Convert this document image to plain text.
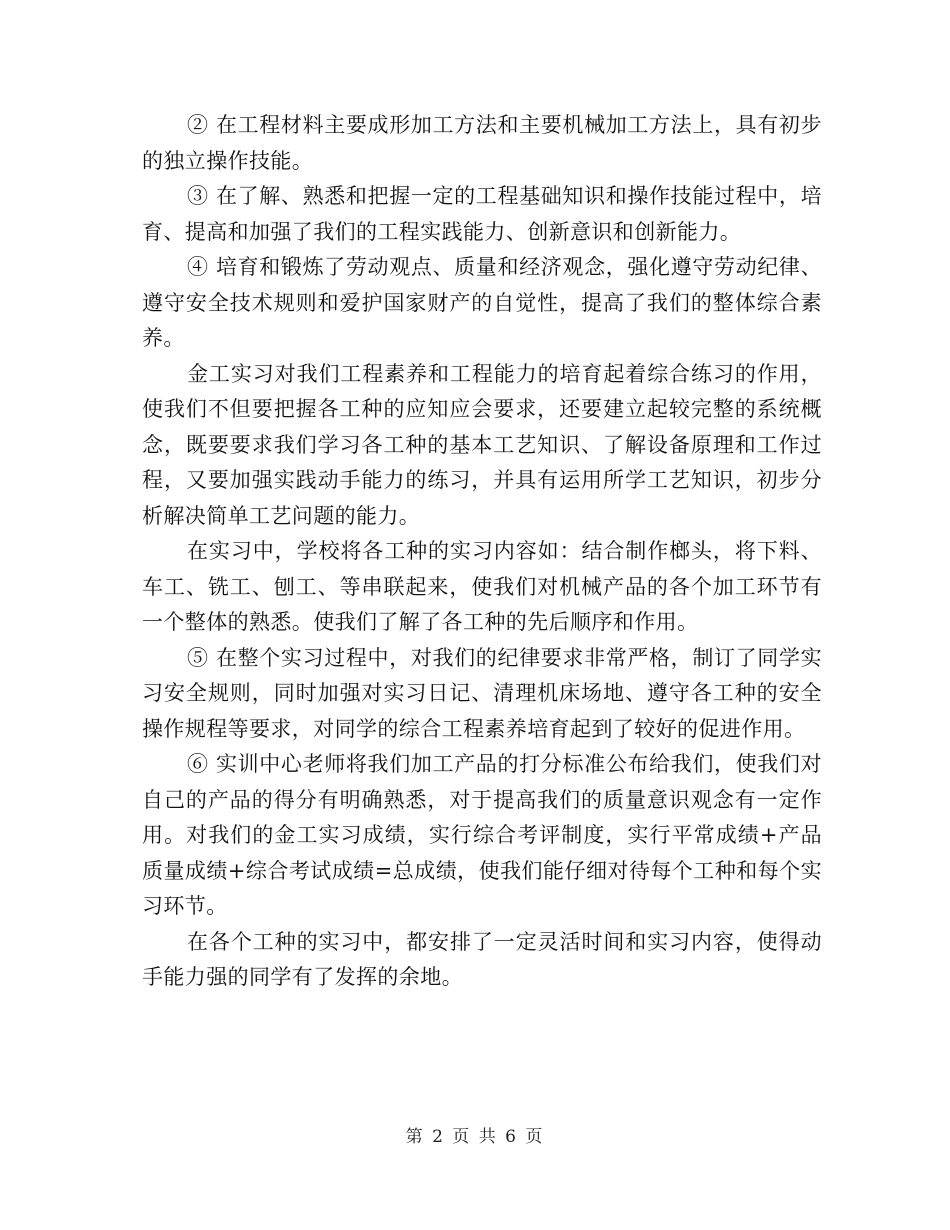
② 在工程材料主要成形加工方法和主要机械加工方法上，具有初步的独立操作技能。

③ 在了解、熟悉和把握一定的工程基础知识和操作技能过程中，培育、提高和加强了我们的工程实践能力、创新意识和创新能力。

④ 培育和锻炼了劳动观点、质量和经济观念，强化遵守劳动纪律、遵守安全技术规则和爱护国家财产的自觉性，提高了我们的整体综合素养。

金工实习对我们工程素养和工程能力的培育起着综合练习的作用，使我们不但要把握各工种的应知应会要求，还要建立起较完整的系统概念，既要要求我们学习各工种的基本工艺知识、了解设备原理和工作过程，又要加强实践动手能力的练习，并具有运用所学工艺知识，初步分析解决简单工艺问题的能力。

在实习中，学校将各工种的实习内容如：结合制作榔头，将下料、车工、铣工、刨工、等串联起来，使我们对机械产品的各个加工环节有一个整体的熟悉。使我们了解了各工种的先后顺序和作用。

⑤ 在整个实习过程中，对我们的纪律要求非常严格，制订了同学实习安全规则，同时加强对实习日记、清理机床场地、遵守各工种的安全操作规程等要求，对同学的综合工程素养培育起到了较好的促进作用。

⑥ 实训中心老师将我们加工产品的打分标准公布给我们，使我们对自己的产品的得分有明确熟悉，对于提高我们的质量意识观念有一定作用。对我们的金工实习成绩，实行综合考评制度，实行平常成绩+产品质量成绩+综合考试成绩=总成绩，使我们能仔细对待每个工种和每个实习环节。

在各个工种的实习中，都安排了一定灵活时间和实习内容，使得动手能力强的同学有了发挥的余地。

第 2 页 共 6 页
